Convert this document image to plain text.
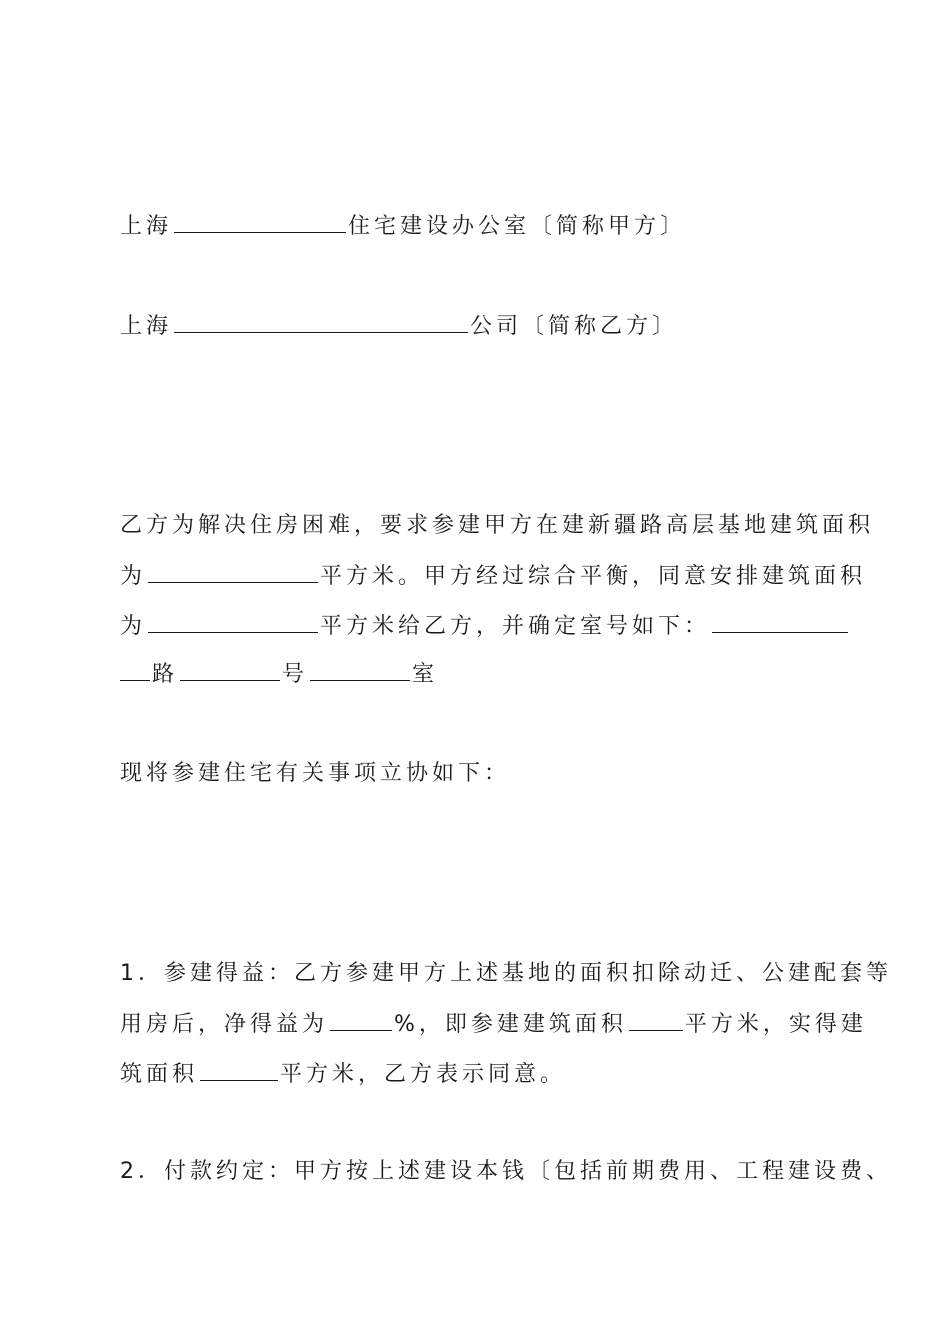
上海	住宅建设办公室〔简称甲方〕
上海	公司〔简称乙方〕
乙方为解决住房困难，要求参建甲方在建新疆路高层基地建筑面积
为	平方米。甲方经过综合平衡，同意安排建筑面积
为	平方米给乙方，并确定室号如下：
路	号	室
现将参建住宅有关事项立协如下：
1．参建得益：乙方参建甲方上述基地的面积扣除动迁、公建配套等
用房后，净得益为	%，即参建建筑面积	平方米，实得建
筑面积	平方米，乙方表示同意。
2．付款约定：甲方按上述建设本钱〔包括前期费用、工程建设费、
